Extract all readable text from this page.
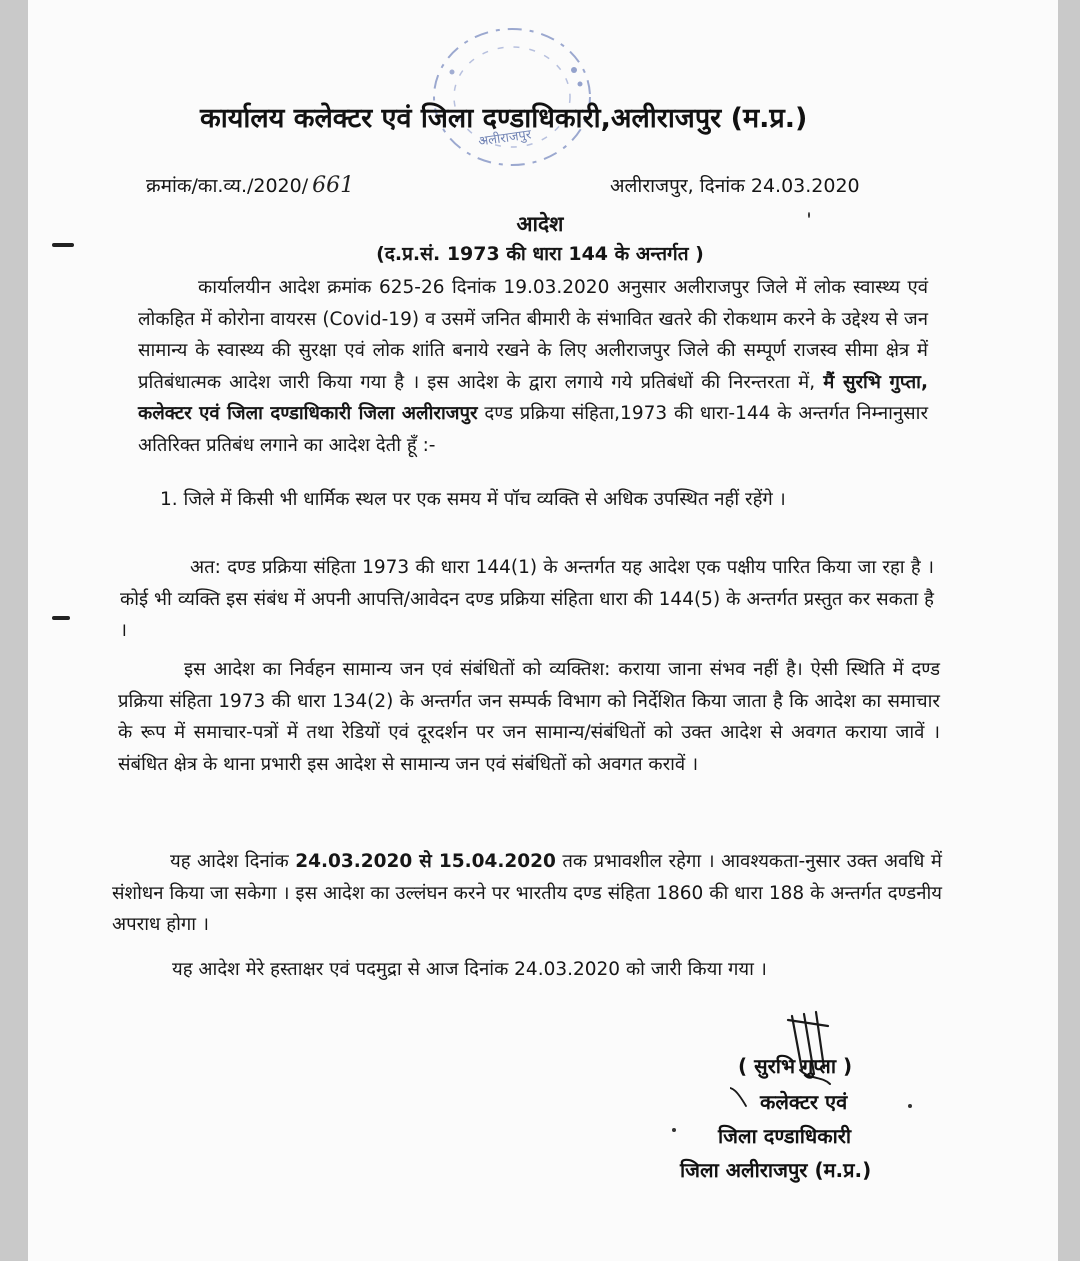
अलीराजपुर
कार्यालय कलेक्टर एवं जिला दण्डाधिकारी,अलीराजपुर (म.प्र.)
क्रमांक/का.व्य./2020/ 661	अलीराजपुर, दिनांक 24.03.2020
आदेश
(द.प्र.सं. 1973 की धारा 144 के अन्तर्गत )
कार्यालयीन आदेश क्रमांक 625-26 दिनांक 19.03.2020 अनुसार अलीराजपुर जिले में लोक स्वास्थ्य एवं लोकहित में कोरोना वायरस (Covid-19) व उसमें जनित बीमारी के संभावित खतरे की रोकथाम करने के उद्देश्य से जन सामान्य के स्वास्थ्य की सुरक्षा एवं लोक शांति बनाये रखने के लिए अलीराजपुर जिले की सम्पूर्ण राजस्व सीमा क्षेत्र में प्रतिबंधात्मक आदेश जारी किया गया है । इस आदेश के द्वारा लगाये गये प्रतिबंधों की निरन्तरता में, मैं सुरभि गुप्ता, कलेक्टर एवं जिला दण्डाधिकारी जिला अलीराजपुर दण्ड प्रक्रिया संहिता,1973 की धारा-144 के अन्तर्गत निम्नानुसार अतिरिक्त प्रतिबंध लगाने का आदेश देती हूँ :-
1. जिले में किसी भी धार्मिक स्थल पर एक समय में पॉच व्यक्ति से अधिक उपस्थित नहीं रहेंगे ।
अत: दण्ड प्रक्रिया संहिता 1973 की धारा 144(1) के अन्तर्गत यह आदेश एक पक्षीय पारित किया जा रहा है । कोई भी व्यक्ति इस संबंध में अपनी आपत्ति/आवेदन दण्ड प्रक्रिया संहिता धारा की 144(5) के अन्तर्गत प्रस्तुत कर सकता है ।
इस आदेश का निर्वहन सामान्य जन एवं संबंधितों को व्यक्तिश: कराया जाना संभव नहीं है। ऐसी स्थिति में दण्ड प्रक्रिया संहिता 1973 की धारा 134(2) के अन्तर्गत जन सम्पर्क विभाग को निर्देशित किया जाता है कि आदेश का समाचार के रूप में समाचार-पत्रों में तथा रेडियों एवं दूरदर्शन पर जन सामान्य/संबंधितों को उक्त आदेश से अवगत कराया जावें । संबंधित क्षेत्र के थाना प्रभारी इस आदेश से सामान्य जन एवं संबंधितों को अवगत करावें ।
यह आदेश दिनांक 24.03.2020 से 15.04.2020 तक प्रभावशील रहेगा । आवश्यकता-नुसार उक्त अवधि में संशोधन किया जा सकेगा । इस आदेश का उल्लंघन करने पर भारतीय दण्ड संहिता 1860 की धारा 188 के अन्तर्गत दण्डनीय अपराध होगा ।
यह आदेश मेरे हस्ताक्षर एवं पदमुद्रा से आज दिनांक 24.03.2020 को जारी किया गया ।
( सुरभि गुप्ता )
कलेक्टर एवं
जिला दण्डाधिकारी
जिला अलीराजपुर (म.प्र.)
